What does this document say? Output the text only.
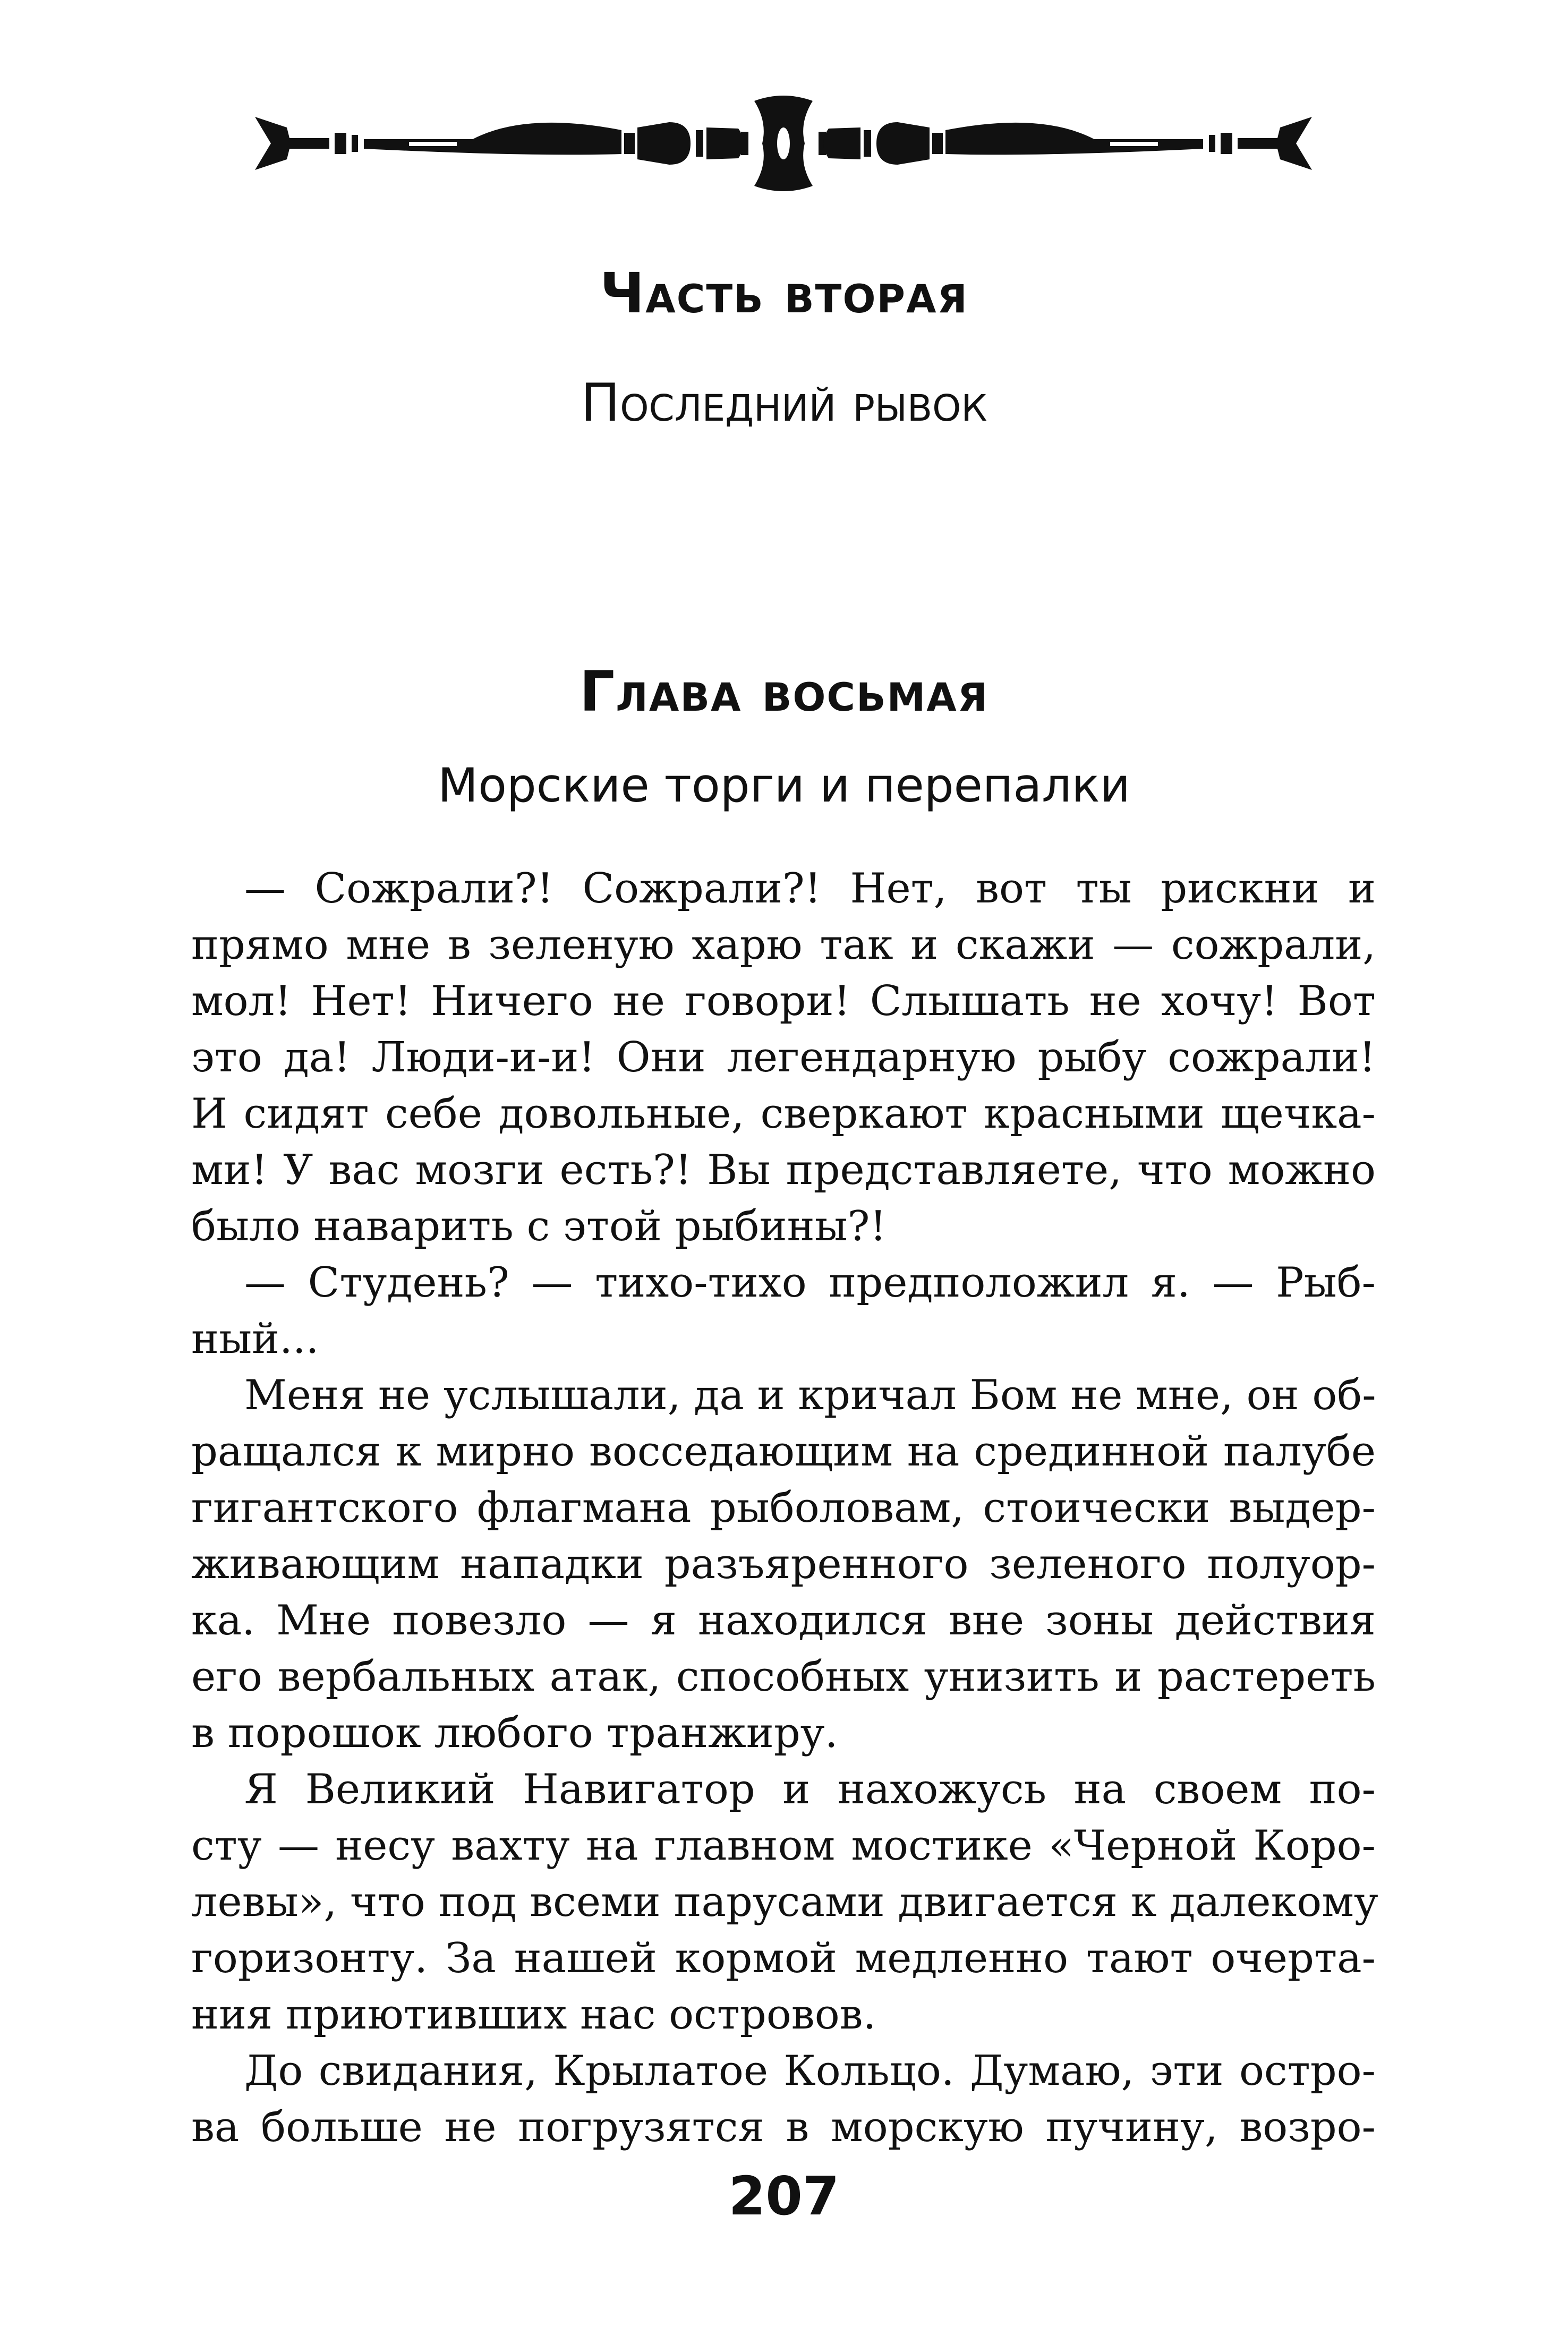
Часть вторая
Последний рывок
Глава восьмая
Морские торги и перепалки
— Сожрали?! Сожрали?! Нет, вот ты рискни и
прямо мне в зеленую харю так и скажи — сожрали,
мол! Нет! Ничего не говори! Слышать не хочу! Вот
это да! Люди-и-и! Они легендарную рыбу сожрали!
И сидят себе довольные, сверкают красными щечка-
ми! У вас мозги есть?! Вы представляете, что можно
было наварить с этой рыбины?!
— Студень? — тихо-тихо предположил я. — Рыб-
ный...
Меня не услышали, да и кричал Бом не мне, он об-
ращался к мирно восседающим на срединной палубе
гигантского флагмана рыболовам, стоически выдер-
живающим нападки разъяренного зеленого полуор-
ка. Мне повезло — я находился вне зоны действия
его вербальных атак, способных унизить и растереть
в порошок любого транжиру.
Я Великий Навигатор и нахожусь на своем по-
сту — несу вахту на главном мостике «Черной Коро-
левы», что под всеми парусами двигается к далекому
горизонту. За нашей кормой медленно тают очерта-
ния приютивших нас островов.
До свидания, Крылатое Кольцо. Думаю, эти остро-
ва больше не погрузятся в морскую пучину, возро-
207
